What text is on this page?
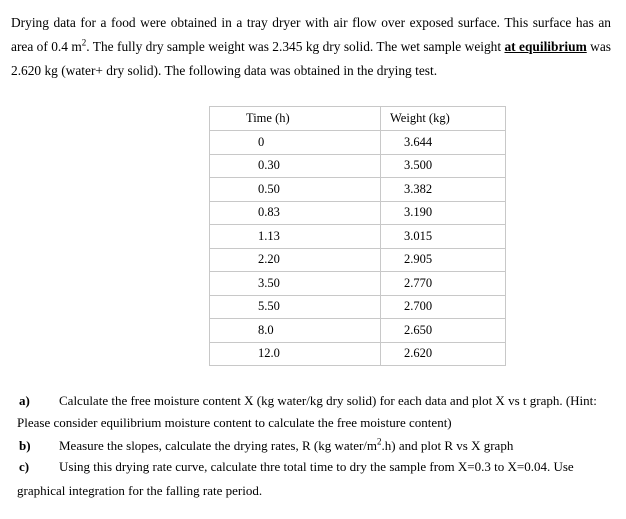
Drying data for a food were obtained in a tray dryer with air flow over exposed surface. This surface has an area of 0.4 $m^2$. The fully dry sample weight was 2.345 kg dry solid. The wet sample weight at equilibrium was 2.620 kg (water+ dry solid). The following data was obtained in the drying test.
Time (h)	Weight (kg)
0	3.644
0.30	3.500
0.50	3.382
0.83	3.190
1.13	3.015
2.20	2.905
3.50	2.770
5.50	2.700
8.0	2.650
12.0	2.620
a) Calculate the free moisture content X (kg water/kg dry solid) for each data and plot X vs t graph. (Hint:
Please consider equilibrium moisture content to calculate the free moisture content)
b) Measure the slopes, calculate the drying rates, R (kg water/$m^2.h$) and plot R vs X graph
c) Using this drying rate curve, calculate thre total time to dry the sample from X=0.3 to X=0.04. Use
graphical integration for the falling rate period.
